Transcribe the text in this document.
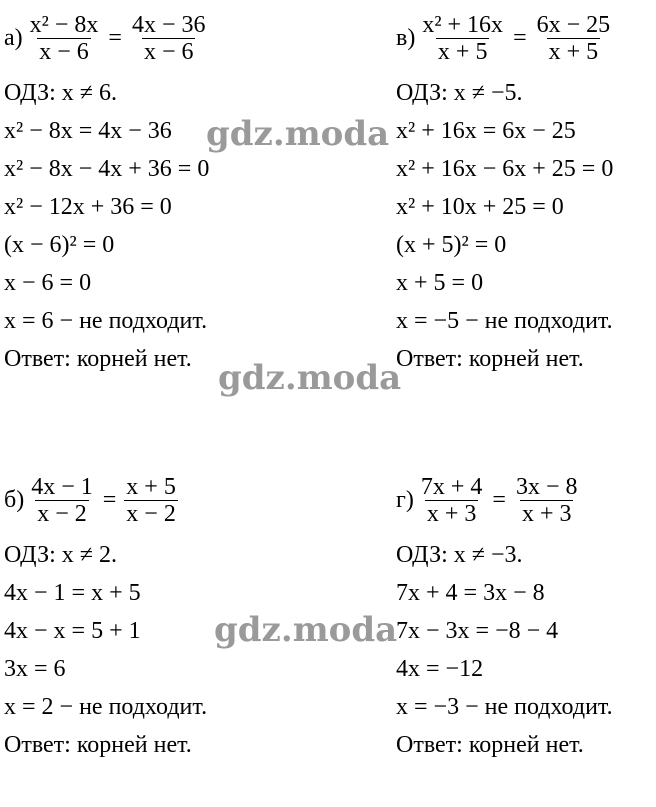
$а) \frac{\text{x² − 8x}}{x - 6} = \frac{4x - 36}{x - 6}$
ОДЗ: x ≠ 6.
x² − 8x = 4x − 36
x² − 8x − 4x + 36 = 0
x² − 12x + 36 = 0
(x − 6)² = 0
x − 6 = 0
x = 6 − не подходит.
Ответ: корней нет.
$в) \frac{\text{x² + 16x}}{x + 5} = \frac{6x - 25}{x + 5}$
ОДЗ: x ≠ −5.
x² + 16x = 6x − 25
x² + 16x − 6x + 25 = 0
x² + 10x + 25 = 0
(x + 5)² = 0
x + 5 = 0
x = −5 − не подходит.
Ответ: корней нет.
$б) \frac{4x - 1}{x - 2} = \frac{x + 5}{x - 2}$
ОДЗ: x ≠ 2.
4x − 1 = x + 5
4x − x = 5 + 1
3x = 6
x = 2 − не подходит.
Ответ: корней нет.
$г) \frac{7x + 4}{x + 3} = \frac{3x - 8}{x + 3}$
ОДЗ: x ≠ −3.
7x + 4 = 3x − 8
7x − 3x = −8 − 4
4x = −12
x = −3 − не подходит.
Ответ: корней нет.
gdz.moda
gdz.moda
gdz.moda
